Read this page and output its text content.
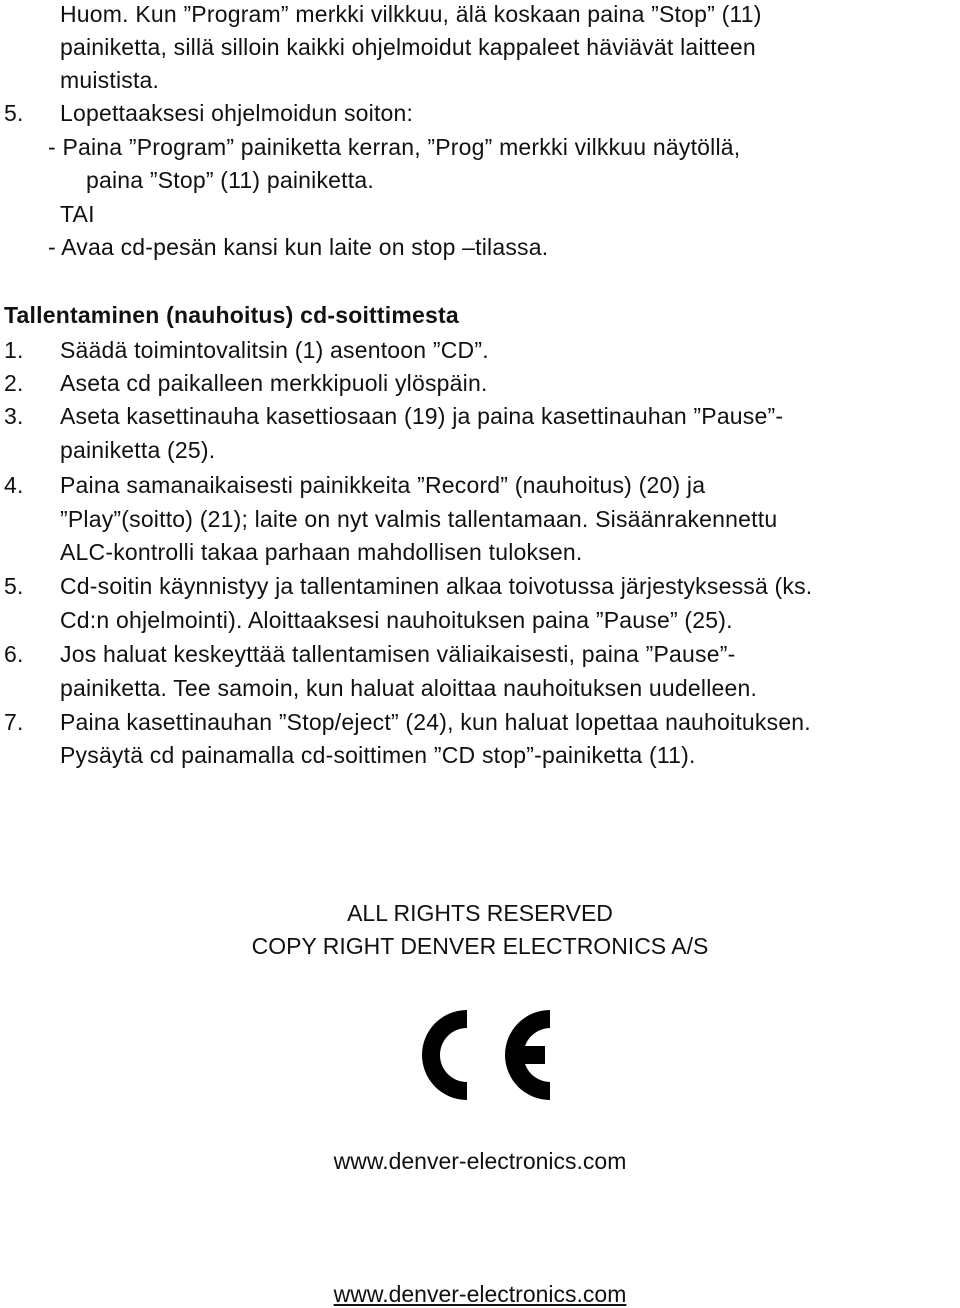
Huom. Kun ”Program” merkki vilkkuu, älä koskaan paina ”Stop” (11)
painiketta, sillä silloin kaikki ohjelmoidut kappaleet häviävät laitteen
muistista.
5. Lopettaaksesi ohjelmoidun soiton:
- Paina ”Program” painiketta kerran, ”Prog” merkki vilkkuu näytöllä,
paina ”Stop” (11) painiketta.
TAI
- Avaa cd-pesän kansi kun laite on stop –tilassa.
Tallentaminen (nauhoitus) cd-soittimesta
1. Säädä toimintovalitsin (1) asentoon ”CD”.
2. Aseta cd paikalleen merkkipuoli ylöspäin.
3. Aseta kasettinauha kasettiosaan (19) ja paina kasettinauhan ”Pause”-
painiketta (25).
4. Paina samanaikaisesti painikkeita ”Record” (nauhoitus) (20) ja
”Play”(soitto) (21); laite on nyt valmis tallentamaan. Sisäänrakennettu
ALC-kontrolli takaa parhaan mahdollisen tuloksen.
5. Cd-soitin käynnistyy ja tallentaminen alkaa toivotussa järjestyksessä (ks.
Cd:n ohjelmointi). Aloittaaksesi nauhoituksen paina ”Pause” (25).
6. Jos haluat keskeyttää tallentamisen väliaikaisesti, paina ”Pause”-
painiketta. Tee samoin, kun haluat aloittaa nauhoituksen uudelleen.
7. Paina kasettinauhan ”Stop/eject” (24), kun haluat lopettaa nauhoituksen.
Pysäytä cd painamalla cd-soittimen ”CD stop”-painiketta (11).
ALL RIGHTS RESERVED
COPY RIGHT DENVER ELECTRONICS A/S
www.denver-electronics.com
www.denver-electronics.com
